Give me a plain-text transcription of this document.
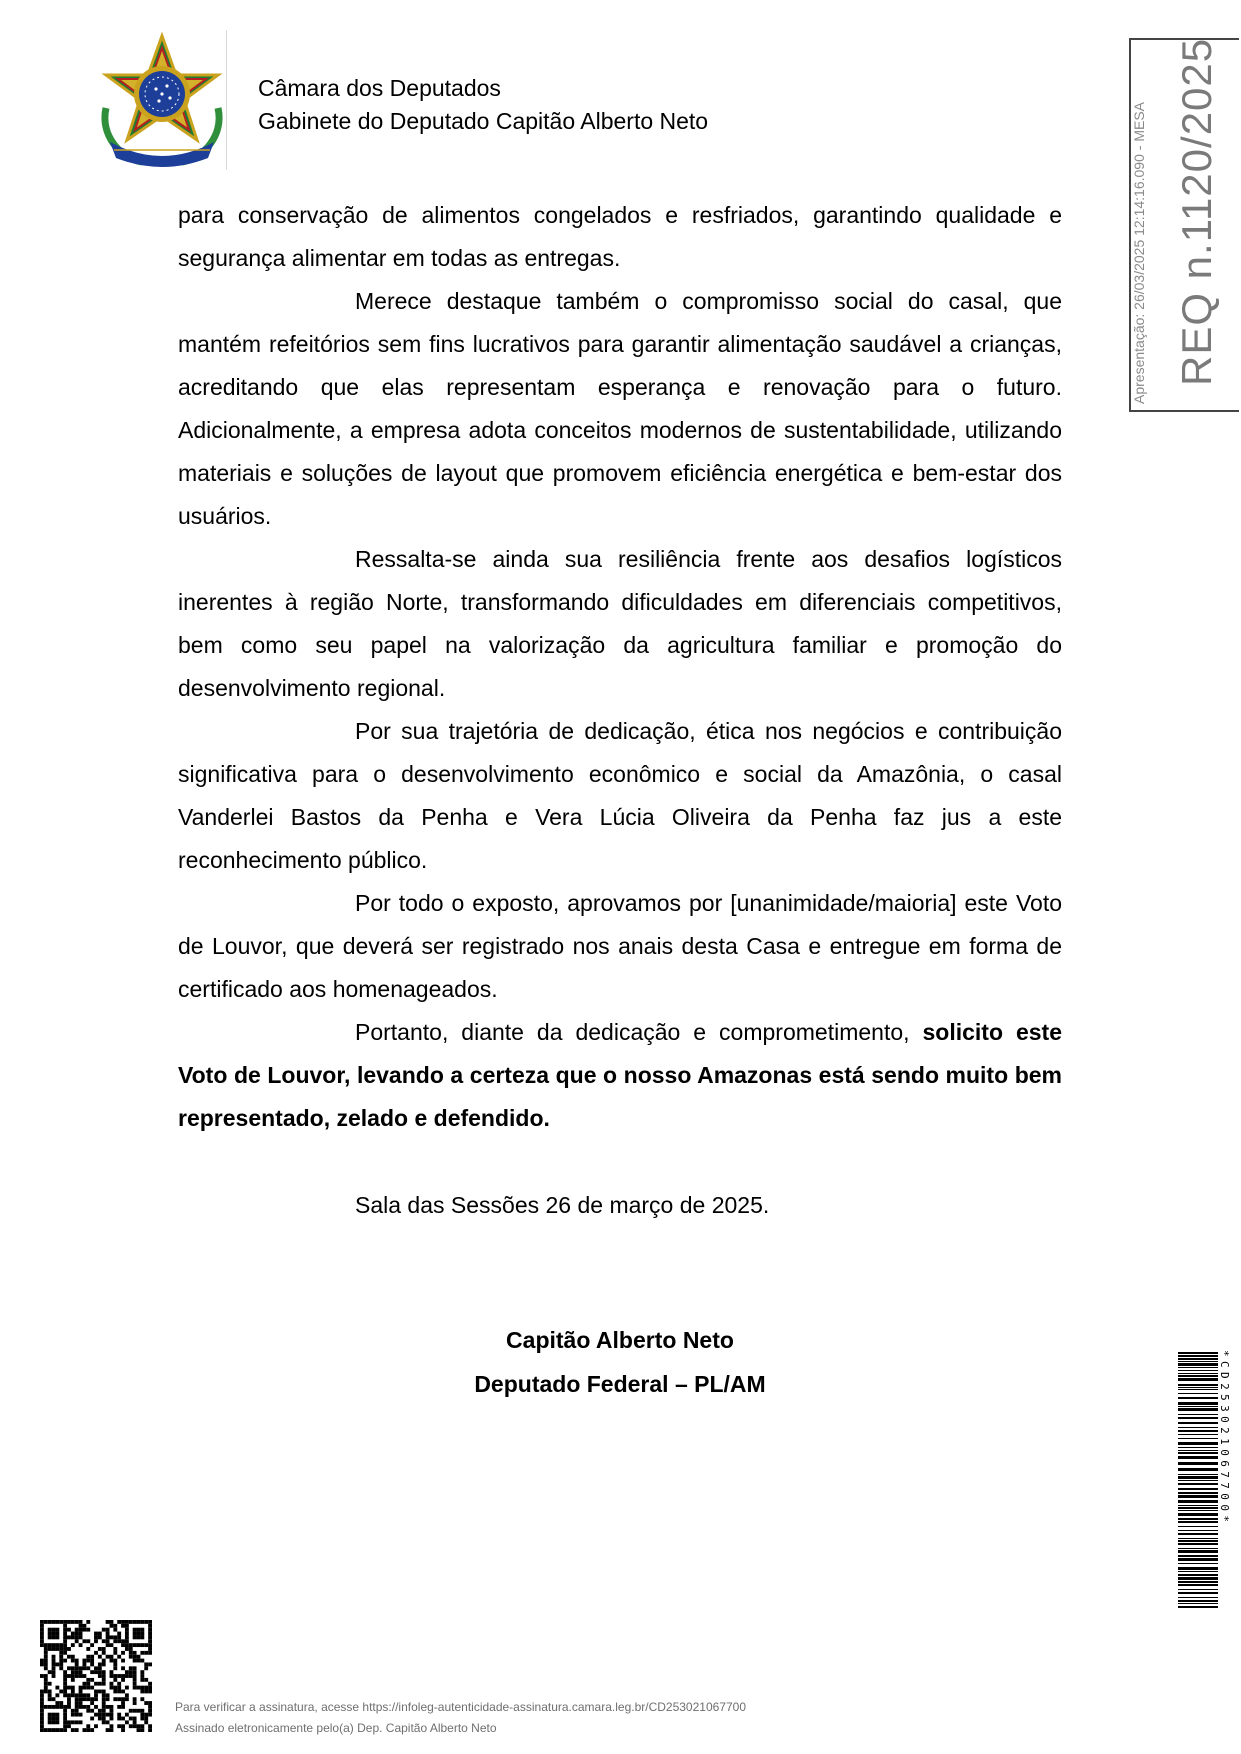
Câmara dos Deputados
Gabinete do Deputado Capitão Alberto Neto

para conservação de alimentos congelados e resfriados, garantindo qualidade e segurança alimentar em todas as entregas.

Merece destaque também o compromisso social do casal, que mantém refeitórios sem fins lucrativos para garantir alimentação saudável a crianças, acreditando que elas representam esperança e renovação para o futuro. Adicionalmente, a empresa adota conceitos modernos de sustentabilidade, utilizando materiais e soluções de layout que promovem eficiência energética e bem-estar dos usuários.

Ressalta-se ainda sua resiliência frente aos desafios logísticos inerentes à região Norte, transformando dificuldades em diferenciais competitivos, bem como seu papel na valorização da agricultura familiar e promoção do desenvolvimento regional.

Por sua trajetória de dedicação, ética nos negócios e contribuição significativa para o desenvolvimento econômico e social da Amazônia, o casal Vanderlei Bastos da Penha e Vera Lúcia Oliveira da Penha faz jus a este reconhecimento público.

Por todo o exposto, aprovamos por [unanimidade/maioria] este Voto de Louvor, que deverá ser registrado nos anais desta Casa e entregue em forma de certificado aos homenageados.

Portanto, diante da dedicação e comprometimento, solicito este Voto de Louvor, levando a certeza que o nosso Amazonas está sendo muito bem representado, zelado e defendido.

Sala das Sessões 26 de março de 2025.
Capitão Alberto Neto
Deputado Federal – PL/AM
Apresentação: 26/03/2025 12:14:16.090 - MESA REQ n.1120/2025
*CD253021067700*
Para verificar a assinatura, acesse https://infoleg-autenticidade-assinatura.camara.leg.br/CD253021067700
Assinado eletronicamente pelo(a) Dep. Capitão Alberto Neto
